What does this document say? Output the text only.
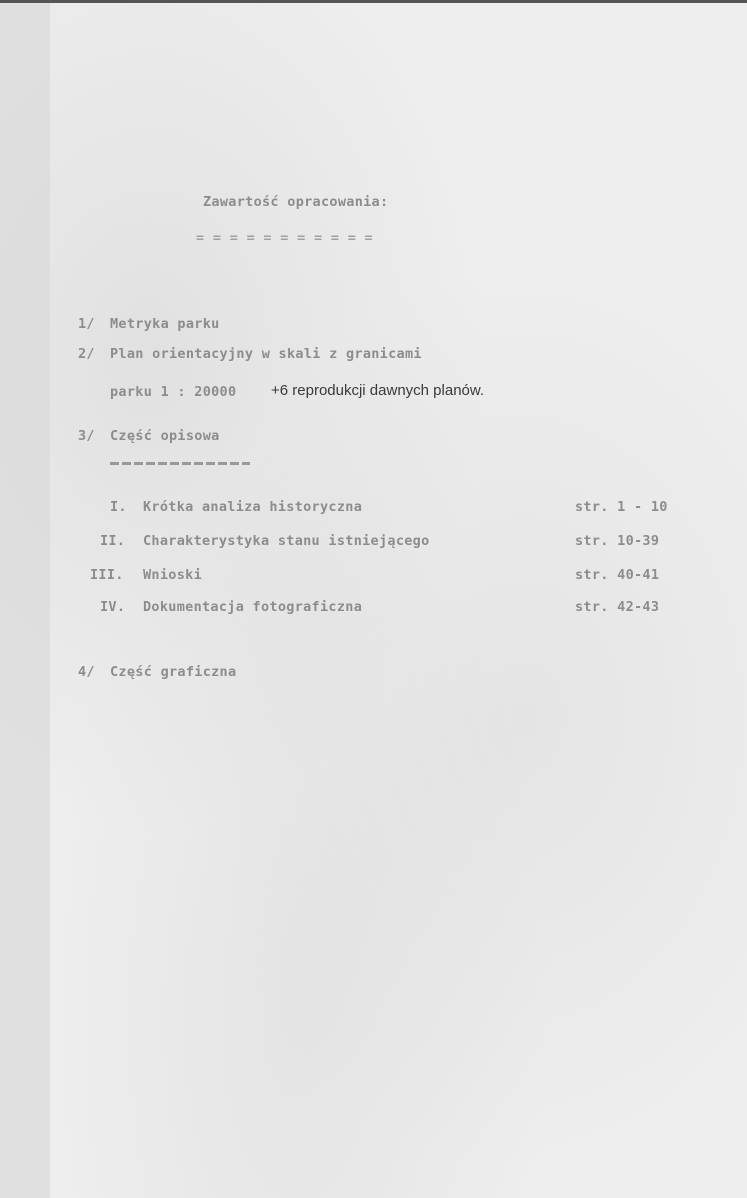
Zawartość opracowania:
= = = = = = = = = = =
1/ Metryka parku
2/ Plan orientacyjny w skali z granicami
parku 1 : 20000 +6 reprodukcji dawnych planów.
3/ Część opisowa
I. Krótka analiza historyczna	str. 1 - 10
II. Charakterystyka stanu istniejącego	str. 10-39
III. Wnioski	str. 40-41
IV. Dokumentacja fotograficzna	str. 42-43
4/ Część graficzna
